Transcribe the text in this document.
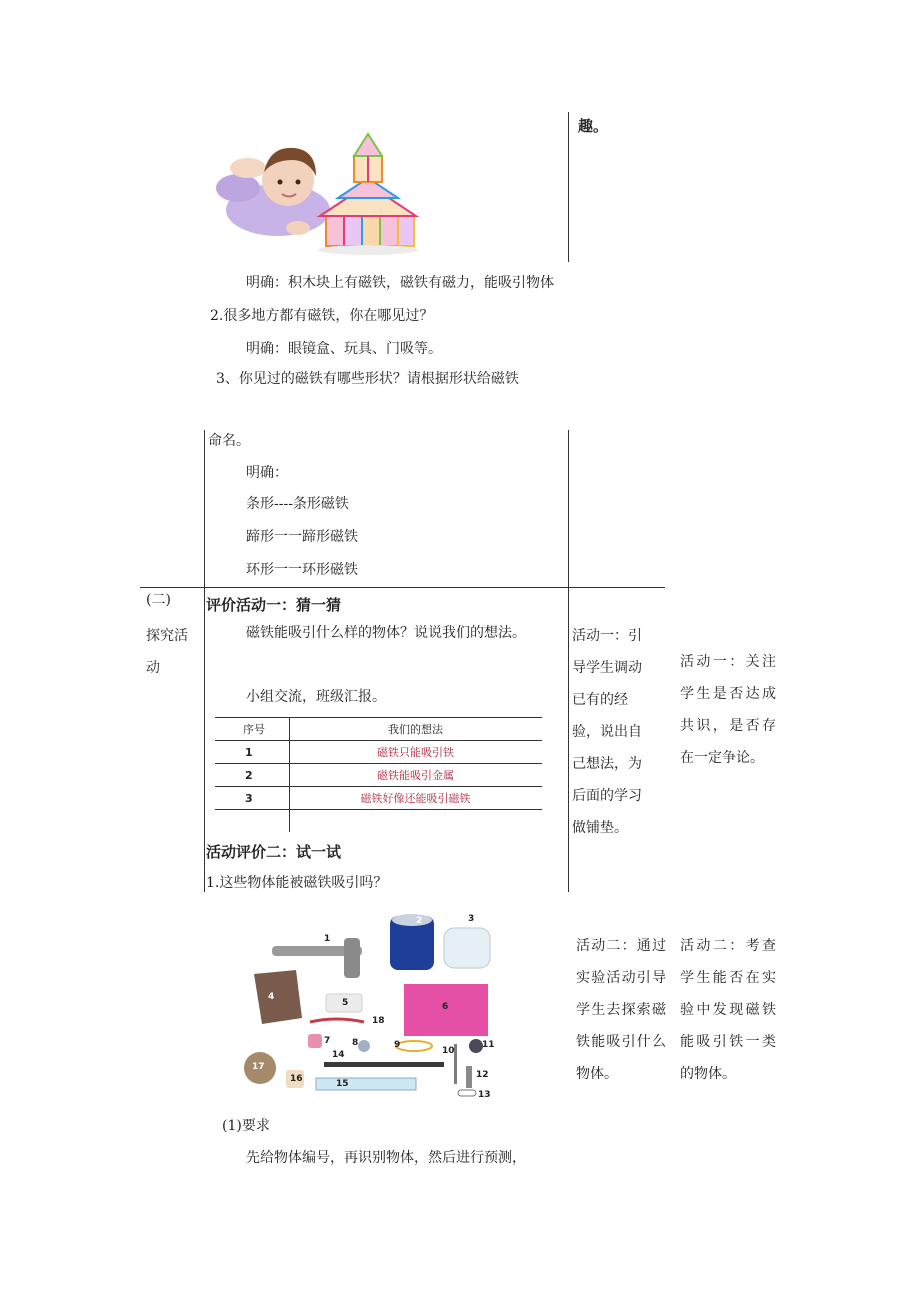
趣。
明确：积木块上有磁铁，磁铁有磁力，能吸引物体
2.很多地方都有磁铁，你在哪见过？
明确：眼镜盒、玩具、门吸等。
3、你见过的磁铁有哪些形状？请根据形状给磁铁
命名。
明确：
条形----条形磁铁
蹄形一一蹄形磁铁
环形一一环形磁铁
(二)
探究活动
评价活动一：猜一猜
磁铁能吸引什么样的物体？说说我们的想法。
小组交流，班级汇报。
序号	我们的想法
1	磁铁只能吸引铁
2	磁铁能吸引金属
3	磁铁好像还能吸引磁铁

活动一：引导学生调动已有的经验，说出自己想法，为后面的学习做铺垫。
活动一：关注学生是否达成共识，是否存在一定争论。
活动评价二：试一试
1.这些物体能被磁铁吸引吗？
1
2	3
4
5	6
7 8	9
10
11
12
13
14
15
16
17
18
活动二：通过实验活动引导学生去探索磁铁能吸引什么物体。
活动二：考查学生能否在实验中发现磁铁能吸引铁一类的物体。
(1)要求
先给物体编号，再识别物体，然后进行预测，
